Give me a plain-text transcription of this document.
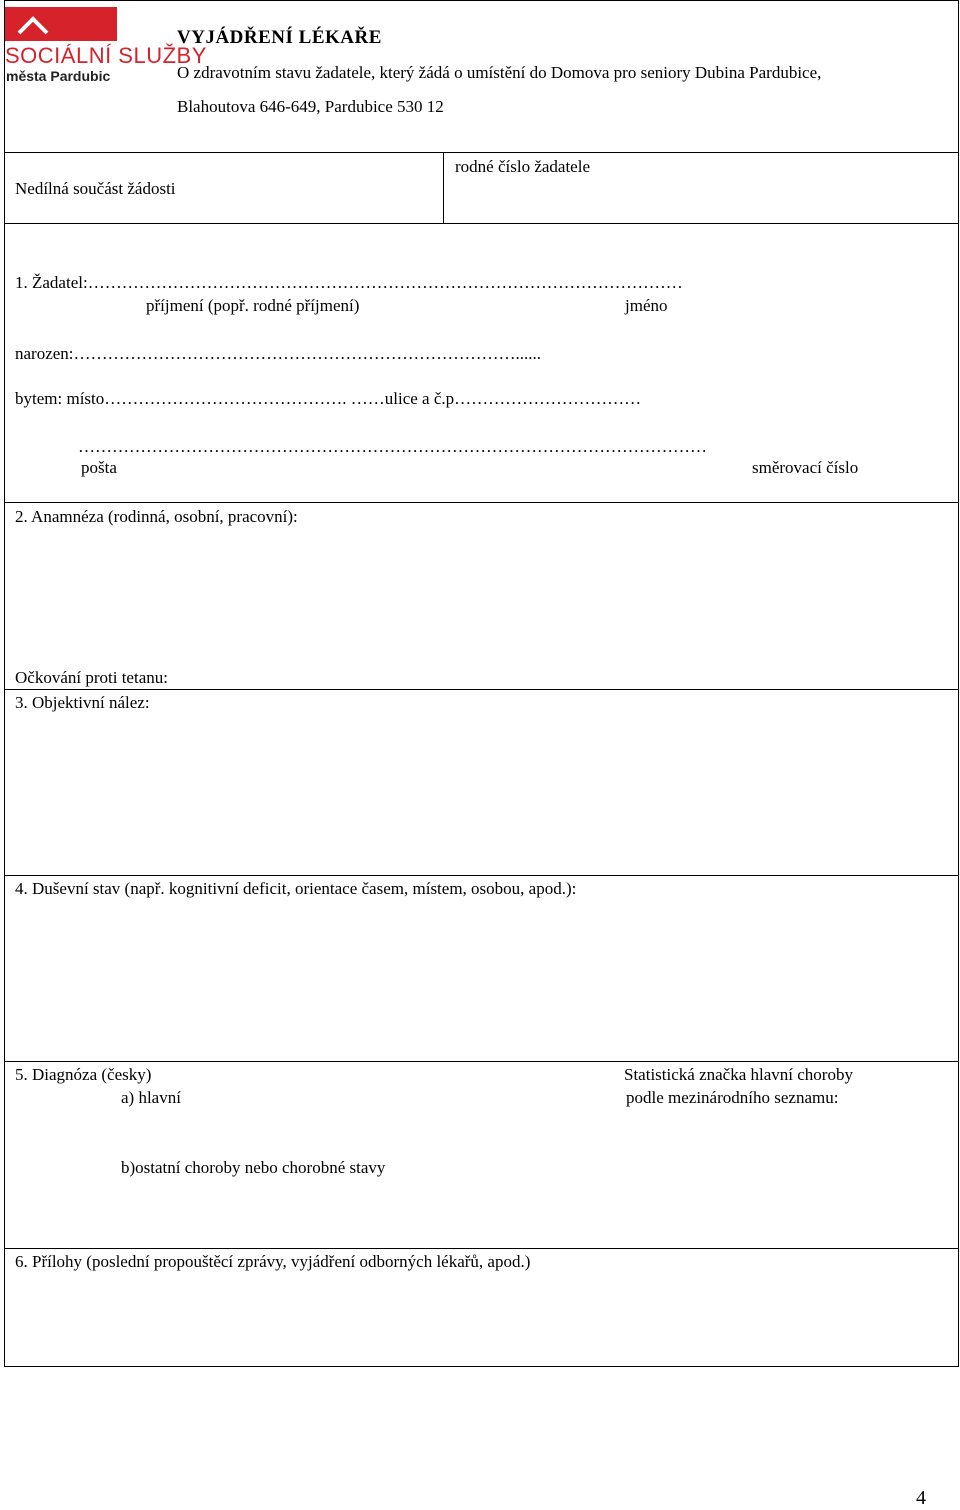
SOCIÁLNÍ SLUŽBY
města Pardubic
VYJÁDŘENÍ LÉKAŘE
O zdravotním stavu žadatele, který žádá o umístění do Domova pro seniory Dubina Pardubice,
Blahoutova 646-649, Pardubice 530 12
Nedílná součást žádosti
rodné číslo žadatele
1. Žadatel:……………………………………………………………………………………………
příjmení (popř. rodné příjmení)	jméno
narozen:……………………………………………………………………......
bytem: místo……………………………………. ……ulice a č.p……………………………
…………………………………………………………………………………………………
pošta	směrovací číslo
2. Anamnéza (rodinná, osobní, pracovní):
Očkování proti tetanu:
3. Objektivní nález:
4. Duševní stav (např. kognitivní deficit, orientace časem, místem, osobou, apod.):
5. Diagnóza (česky)
a) hlavní
Statistická značka hlavní choroby
podle mezinárodního seznamu:
b)ostatní choroby nebo chorobné stavy
6. Přílohy (poslední propouštěcí zprávy, vyjádření odborných lékařů, apod.)
4
